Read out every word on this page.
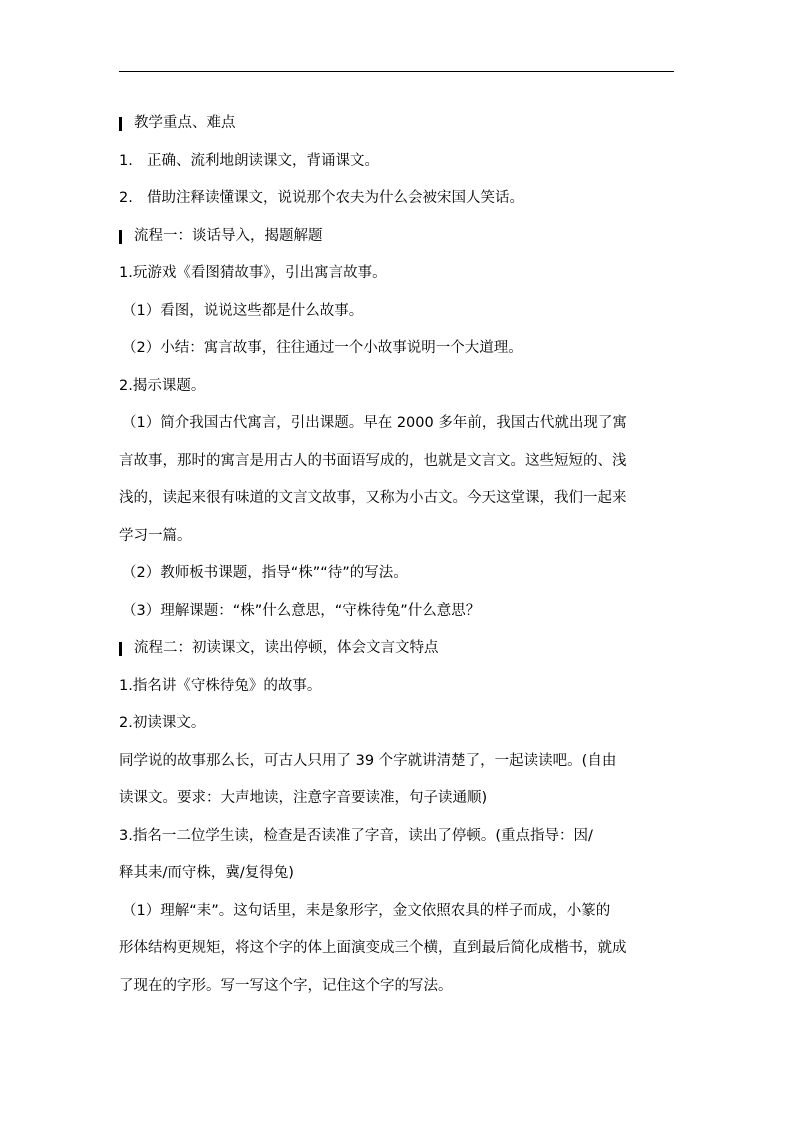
教学重点、难点
1. 正确、流利地朗读课文，背诵课文。
2. 借助注释读懂课文，说说那个农夫为什么会被宋国人笑话。
流程一：谈话导入，揭题解题
1.玩游戏《看图猜故事》，引出寓言故事。
（1）看图，说说这些都是什么故事。
（2）小结：寓言故事，往往通过一个小故事说明一个大道理。
2.揭示课题。
（1）简介我国古代寓言，引出课题。早在 2000 多年前，我国古代就出现了寓
言故事，那时的寓言是用古人的书面语写成的，也就是文言文。这些短短的、浅
浅的，读起来很有味道的文言文故事，又称为小古文。今天这堂课，我们一起来
学习一篇。
（2）教师板书课题，指导“株”“待”的写法。
（3）理解课题：“株”什么意思，“守株待兔”什么意思？
流程二：初读课文，读出停顿，体会文言文特点
1.指名讲《守株待兔》的故事。
2.初读课文。
同学说的故事那么长，可古人只用了 39 个字就讲清楚了，一起读读吧。(自由
读课文。要求：大声地读，注意字音要读准，句子读通顺)
3.指名一二位学生读，检查是否读准了字音，读出了停顿。(重点指导：因/
释其耒/而守株，冀/复得兔)
（1）理解“耒”。这句话里，耒是象形字，金文依照农具的样子而成，小篆的
形体结构更规矩，将这个字的体上面演变成三个横，直到最后简化成楷书，就成
了现在的字形。写一写这个字，记住这个字的写法。
